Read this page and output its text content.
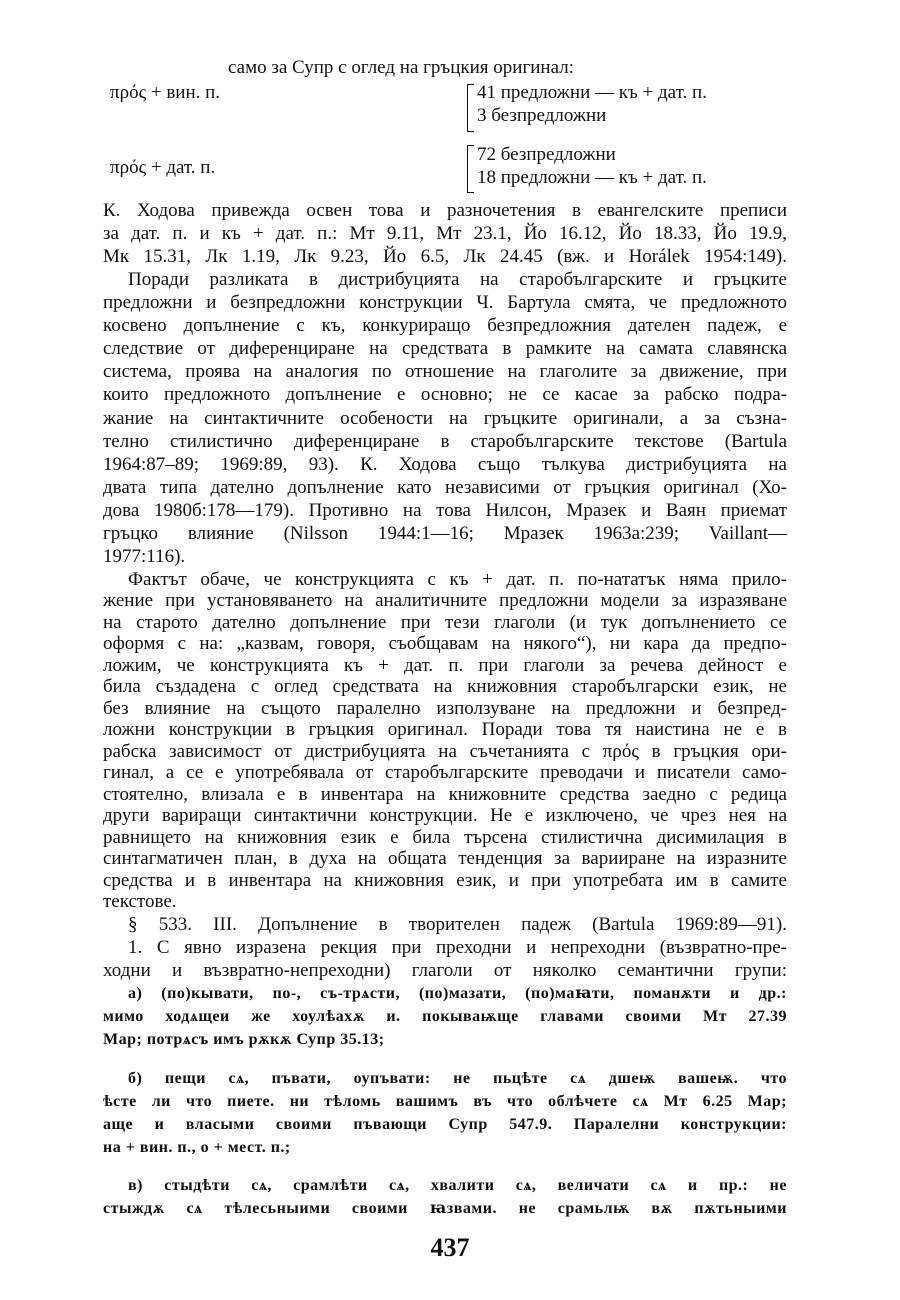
само за Супр с оглед на гръцкия оригинал:
πρός + вин. п.	41 предложни — къ + дат. п.
3 безпредложни
πρός + дат. п.
72 безпредложни
18 предложни — къ + дат. п.
К. Ходова привежда освен това и разночетения в евангелските преписи
за дат. п. и къ + дат. п.: Мт 9.11, Мт 23.1, Йо 16.12, Йо 18.33, Йо 19.9,
Мк 15.31, Лк 1.19, Лк 9.23, Йо 6.5, Лк 24.45 (вж. и Horálek 1954:149).
Поради разликата в дистрибуцията на старобългарските и гръцките
предложни и безпредложни конструкции Ч. Бартула смята, че предложното
косвено допълнение с къ, конкуриращо безпредложния дателен падеж, е
следствие от диференциране на средствата в рамките на самата славянска
система, проява на аналогия по отношение на глаголите за движение, при
които предложното допълнение е основно; не се касае за рабско подра-
жание на синтактичните особености на гръцките оригинали, а за съзна-
телно стилистично диференциране в старобългарските текстове (Bartula
1964:87–89; 1969:89, 93). К. Ходова също тълкува дистрибуцията на
двата типа дателно допълнение като независими от гръцкия оригинал (Хо-
дова 1980б:178—179). Противно на това Нилсон, Мразек и Ваян приемат
гръцко влияние (Nilsson 1944:1—16; Мразек 1963а:239; Vaillant—
1977:116).
Фактът обаче, че конструкцията с къ + дат. п. по-нататък няма прило-
жение при установяването на аналитичните предложни модели за изразяване
на старото дателно допълнение при тези глаголи (и тук допълнението се
оформя с на: „казвам, говоря, съобщавам на някого“), ни кара да предпо-
ложим, че конструкцията къ + дат. п. при глаголи за речева дейност е
била създадена с оглед средствата на книжовния старобългарски език, не
без влияние на същото паралелно използуване на предложни и безпред-
ложни конструкции в гръцкия оригинал. Поради това тя наистина не е в
рабска зависимост от дистрибуцията на съчетанията с πρός в гръцкия ори-
гинал, а се е употребявала от старобългарските преводачи и писатели само-
стоятелно, влизала е в инвентара на книжовните средства заедно с редица
други вариращи синтактични конструкции. Не е изключено, че чрез нея на
равнището на книжовния език е била търсена стилистична дисимилация в
синтагматичен план, в духа на общата тенденция за варииране на изразните
средства и в инвентара на книжовния език, и при употребата им в самите
текстове.
§ 533. III. Допълнение в творителен падеж (Bartula 1969:89—91).
1. С явно изразена рекция при преходни и непреходни (възвратно-пре-
ходни и възвратно-непреходни) глаголи от няколко семантични групи:
а) (по)кывати, по-, съ-трѧсти, (по)мазати, (по)маꙗти, поманѫти и др.:
мимо ходѧщеи же хоулѣахѫ и. покываѭще главами своими Мт 27.39
Мар; потрѧсъ имъ рѫкѫ Супр 35.13;
б) пещи сѧ, пъвати, оупъвати: не пьцѣте сѧ дшеѭ вашеѭ. что
ѣсте ли что пиете. ни тѣломь вашимъ въ что облѣчете сѧ Мт 6.25 Мар;
аще и власыми своими пъвающи Супр 547.9. Паралелни конструкции:
на + вин. п., о + мест. п.;
в) стыдѣти сѧ, срамлѣти сѧ, хвалити сѧ, величати сѧ и пр.: не
стыждѫ сѧ тѣлесьныими своими ꙗзвами. не срамьлѭ вѫ пѫтьныими
437
